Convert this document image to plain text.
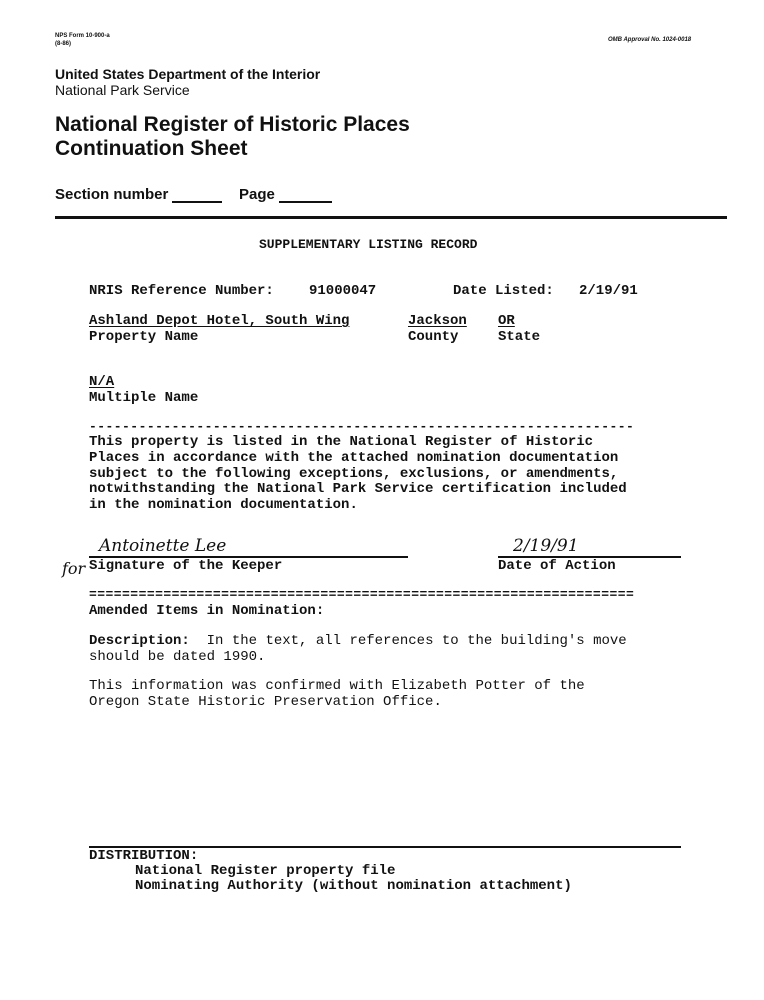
NPS Form 10-900-a
(8-86)
OMB Approval No. 1024-0018
United States Department of the Interior
National Park Service
National Register of Historic Places
Continuation Sheet
Section number	Page
SUPPLEMENTARY LISTING RECORD
NRIS Reference Number:	91000047	Date Listed: 2/19/91
Ashland Depot Hotel, South Wing	Jackson OR
Property Name	County	State
N/A
Multiple Name
------------------------------------------------------------------
This property is listed in the National Register of Historic
Places in accordance with the attached nomination documentation
subject to the following exceptions, exclusions, or amendments,
notwithstanding the National Park Service certification included
in the nomination documentation.
for
Antoinette Lee
Signature of the Keeper
2/19/91
Date of Action
==================================================================
Amended Items in Nomination:
Description:  In the text, all references to the building's move
should be dated 1990.
This information was confirmed with Elizabeth Potter of the
Oregon State Historic Preservation Office.
DISTRIBUTION:
National Register property file
Nominating Authority (without nomination attachment)
